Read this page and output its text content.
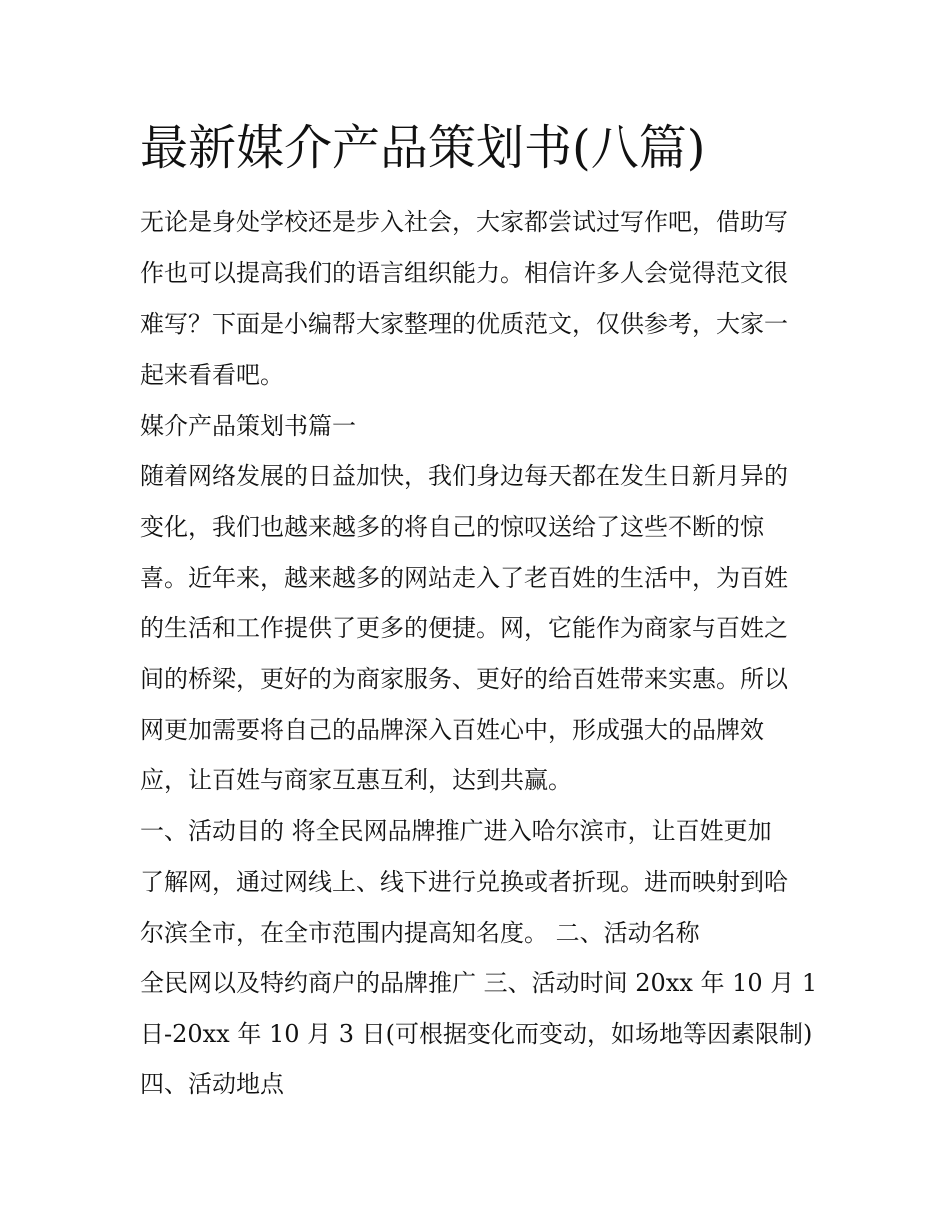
最新媒介产品策划书(八篇)

无论是身处学校还是步入社会，大家都尝试过写作吧，借助写

作也可以提高我们的语言组织能力。相信许多人会觉得范文很

难写？下面是小编帮大家整理的优质范文，仅供参考，大家一

起来看看吧。

媒介产品策划书篇一

随着网络发展的日益加快，我们身边每天都在发生日新月异的

变化，我们也越来越多的将自己的惊叹送给了这些不断的惊

喜。近年来，越来越多的网站走入了老百姓的生活中，为百姓

的生活和工作提供了更多的便捷。网，它能作为商家与百姓之

间的桥梁，更好的为商家服务、更好的给百姓带来实惠。所以

网更加需要将自己的品牌深入百姓心中，形成强大的品牌效

应，让百姓与商家互惠互利，达到共赢。

一、活动目的 将全民网品牌推广进入哈尔滨市，让百姓更加

了解网，通过网线上、线下进行兑换或者折现。进而映射到哈

尔滨全市，在全市范围内提高知名度。 二、活动名称

全民网以及特约商户的品牌推广 三、活动时间 20xx 年 10 月 1

日-20xx 年 10 月 3 日(可根据变化而变动，如场地等因素限制)

四、活动地点
